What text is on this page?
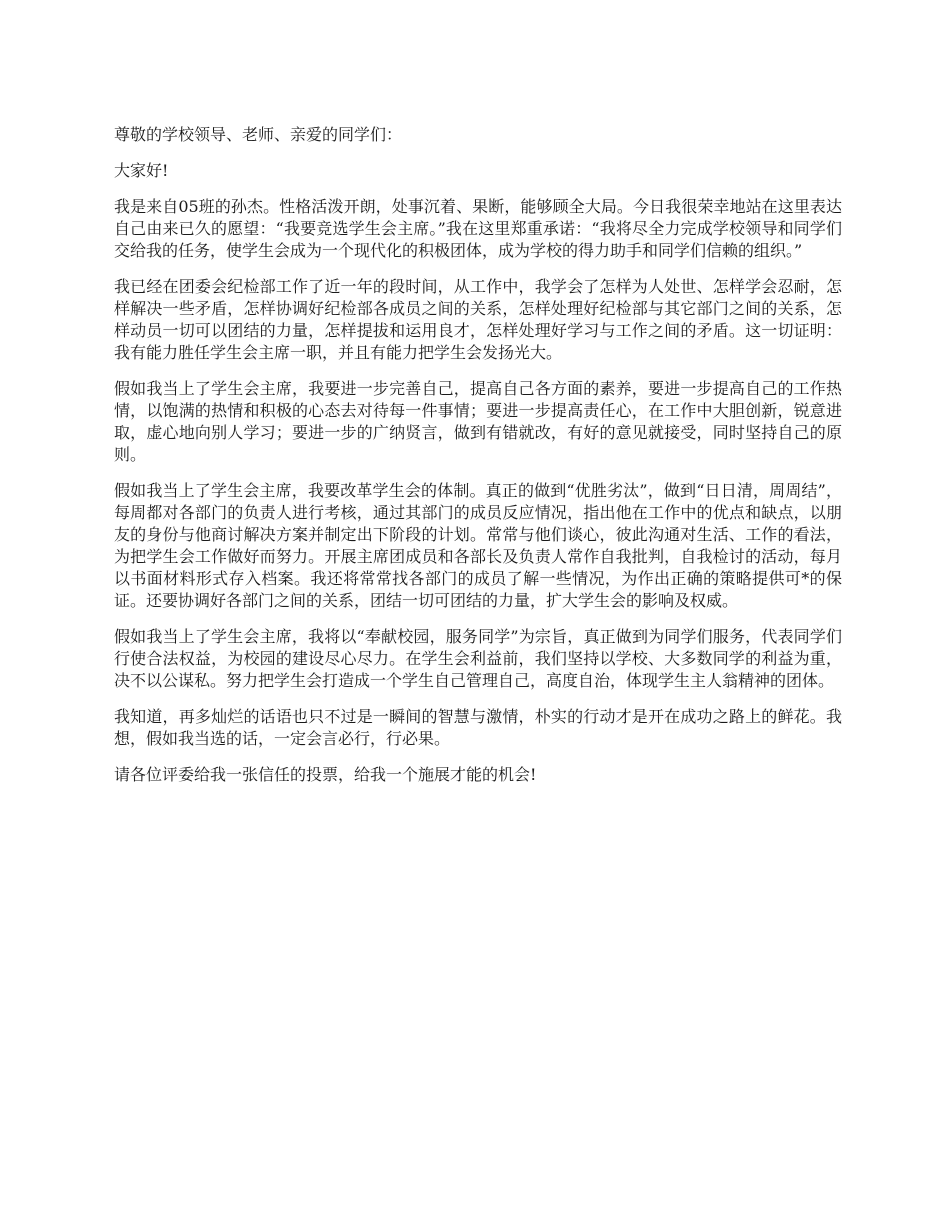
尊敬的学校领导、老师、亲爱的同学们：

大家好!

我是来自05班的孙杰。性格活泼开朗，处事沉着、果断，能够顾全大局。今日我很荣幸地站在这里表达自己由来已久的愿望：“我要竞选学生会主席。”我在这里郑重承诺：“我将尽全力完成学校领导和同学们交给我的任务，使学生会成为一个现代化的积极团体，成为学校的得力助手和同学们信赖的组织。”

我已经在团委会纪检部工作了近一年的段时间，从工作中，我学会了怎样为人处世、怎样学会忍耐，怎样解决一些矛盾，怎样协调好纪检部各成员之间的关系，怎样处理好纪检部与其它部门之间的关系，怎样动员一切可以团结的力量，怎样提拔和运用良才，怎样处理好学习与工作之间的矛盾。这一切证明：我有能力胜任学生会主席一职，并且有能力把学生会发扬光大。

假如我当上了学生会主席，我要进一步完善自己，提高自己各方面的素养，要进一步提高自己的工作热情，以饱满的热情和积极的心态去对待每一件事情；要进一步提高责任心，在工作中大胆创新，锐意进取，虚心地向别人学习；要进一步的广纳贤言，做到有错就改，有好的意见就接受，同时坚持自己的原则。

假如我当上了学生会主席，我要改革学生会的体制。真正的做到“优胜劣汰”，做到“日日清，周周结”，每周都对各部门的负责人进行考核，通过其部门的成员反应情况，指出他在工作中的优点和缺点，以朋友的身份与他商讨解决方案并制定出下阶段的计划。常常与他们谈心，彼此沟通对生活、工作的看法，为把学生会工作做好而努力。开展主席团成员和各部长及负责人常作自我批判，自我检讨的活动，每月以书面材料形式存入档案。我还将常常找各部门的成员了解一些情况，为作出正确的策略提供可*的保证。还要协调好各部门之间的关系，团结一切可团结的力量，扩大学生会的影响及权威。

假如我当上了学生会主席，我将以“奉献校园，服务同学”为宗旨，真正做到为同学们服务，代表同学们行使合法权益，为校园的建设尽心尽力。在学生会利益前，我们坚持以学校、大多数同学的利益为重，决不以公谋私。努力把学生会打造成一个学生自己管理自己，高度自治，体现学生主人翁精神的团体。

我知道，再多灿烂的话语也只不过是一瞬间的智慧与激情，朴实的行动才是开在成功之路上的鲜花。我想，假如我当选的话，一定会言必行，行必果。

请各位评委给我一张信任的投票，给我一个施展才能的机会!
